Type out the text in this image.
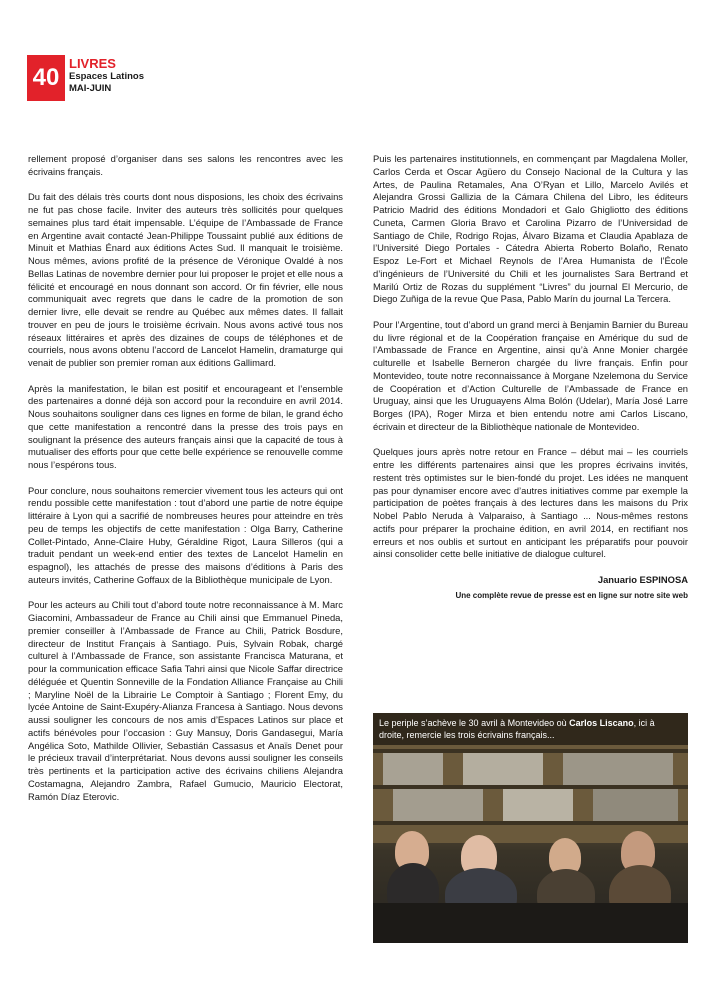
40
LIVRES
Espaces Latinos
MAI-JUIN

rellement proposé d’organiser dans ses salons les rencontres avec les écrivains français.

Du fait des délais très courts dont nous disposions, les choix des écrivains ne fut pas chose facile. Inviter des auteurs très sollicités pour quelques semaines plus tard était impensable. L’équipe de l’Ambassade de France en Argentine avait contacté Jean-Philippe Toussaint publié aux éditions de Minuit et Mathias Énard aux éditions Actes Sud. Il manquait le troisième. Nous mêmes, avions profité de la présence de Véronique Ovaldé à nos Bellas Latinas de novembre dernier pour lui proposer le projet et elle nous a félicité et encouragé en nous donnant son accord. Or fin février, elle nous communiquait avec regrets que dans le cadre de la promotion de son dernier livre, elle devait se rendre au Québec aux mêmes dates. Il fallait trouver en peu de jours le troisième écrivain. Nous avons activé tous nos réseaux littéraires et après des dizaines de coups de téléphones et de courriels, nous avons obtenu l’accord de Lancelot Hamelin, dramaturge qui venait de publier son premier roman aux éditions Gallimard.

Après la manifestation, le bilan est positif et encourageant et l’ensemble des partenaires a donné déjà son accord pour la reconduire en avril 2014. Nous souhaitons souligner dans ces lignes en forme de bilan, le grand écho que cette manifestation a rencontré dans la presse des trois pays en soulignant la présence des auteurs français ainsi que la capacité de tous à mutualiser des efforts pour que cette belle expérience se renouvelle comme nous l’espérons tous.

Pour conclure, nous souhaitons remercier vivement tous les acteurs qui ont rendu possible cette manifestation : tout d’abord une partie de notre équipe littéraire à Lyon qui a sacrifié de nombreuses heures pour atteindre en très peu de temps les objectifs de cette manifestation : Olga Barry, Catherine Collet-Pintado, Anne-Claire Huby, Géraldine Rigot, Laura Silleros (qui a traduit pendant un week-end entier des textes de Lancelot Hamelin en espagnol), les attachés de presse des maisons d’éditions à Paris des auteurs invités, Catherine Goffaux de la Bibliothèque municipale de Lyon.

Pour les acteurs au Chili tout d’abord toute notre reconnaissance à M. Marc Giacomini, Ambassadeur de France au Chili ainsi que Emmanuel Pineda, premier conseiller à l’Ambassade de France au Chili, Patrick Bosdure, directeur de Institut Français à Santiago. Puis, Sylvain Robak, chargé culturel à l’Ambassade de France, son assistante Francisca Maturana, et pour la communication efficace Safia Tahri ainsi que Nicole Saffar directrice déléguée et Quentin Sonneville de la Fondation Alliance Française au Chili ; Maryline Noël de la Librairie Le Comptoir à Santiago ; Florent Emy, du lycée Antoine de Saint-Exupéry-Alianza Francesa à Santiago. Nous devons aussi souligner les concours de nos amis d’Espaces Latinos sur place et actifs bénévoles pour l’occasion : Guy Mansuy, Doris Gandasegui, María Angélica Soto, Mathilde Ollivier, Sebastián Cassasus et Anaïs Denet pour le précieux travail d’interprétariat. Nous devons aussi souligner les conseils très pertinents et la participation active des écrivains chiliens Alejandra Costamagna, Alejandro Zambra, Rafael Gumucio, Mauricio Electorat, Ramón Díaz Eterovic.

Puis les partenaires institutionnels, en commençant par Magdalena Moller, Carlos Cerda et Oscar Agüero du Consejo Nacional de la Cultura y las Artes, de Paulina Retamales, Ana O’Ryan et Lillo, Marcelo Avilés et Alejandra Grossi Gallizia de la Cámara Chilena del Libro, les éditeurs Patricio Madrid des éditions Mondadori et Galo Ghigliotto des éditions Cuneta, Carmen Gloria Bravo et Carolina Pizarro de l’Universidad de Santiago de Chile, Rodrigo Rojas, Álvaro Bizama et Claudia Apablaza de l’Université Diego Portales - Cátedra Abierta Roberto Bolaño, Renato Espoz Le-Fort et Michael Reynols de l’Area Humanista de l’École d’ingénieurs de l’Université du Chili et les journalistes Sara Bertrand et Marilú Ortiz de Rozas du supplément “Livres” du journal El Mercurio, de Diego Zuñiga de la revue Que Pasa, Pablo Marín du journal La Tercera.

Pour l’Argentine, tout d’abord un grand merci à Benjamin Barnier du Bureau du livre régional et de la Coopération française en Amérique du sud de l’Ambassade de France en Argentine, ainsi qu’à Anne Monier chargée culturelle et Isabelle Berneron chargée du livre français. Enfin pour Montevideo, toute notre reconnaissance à Morgane Nzelemona du Service de Coopération et d’Action Culturelle de l’Ambassade de France en Uruguay, ainsi que les Uruguayens Alma Bolón (Udelar), María José Larre Borges (IPA), Roger Mirza et bien entendu notre ami Carlos Liscano, écrivain et directeur de la Bibliothèque nationale de Montevideo.

Quelques jours après notre retour en France – début mai – les courriels entre les différents partenaires ainsi que les propres écrivains invités, restent très optimistes sur le bien-fondé du projet. Les idées ne manquent pas pour dynamiser encore avec d’autres initiatives comme par exemple la participation de poètes français à des lectures dans les maisons du Prix Nobel Pablo Neruda à Valparaiso, à Santiago ... Nous-mêmes restons actifs pour préparer la prochaine édition, en avril 2014, en rectifiant nos erreurs et nos oublis et surtout en anticipant les préparatifs pour pouvoir ainsi consolider cette belle initiative de dialogue culturel.

Januario ESPINOSA
Une complète revue de presse est en ligne sur notre site web
Le periple s’achève le 30 avril à Montevideo où Carlos Liscano, ici à droite, remercie les trois écrivains français...
